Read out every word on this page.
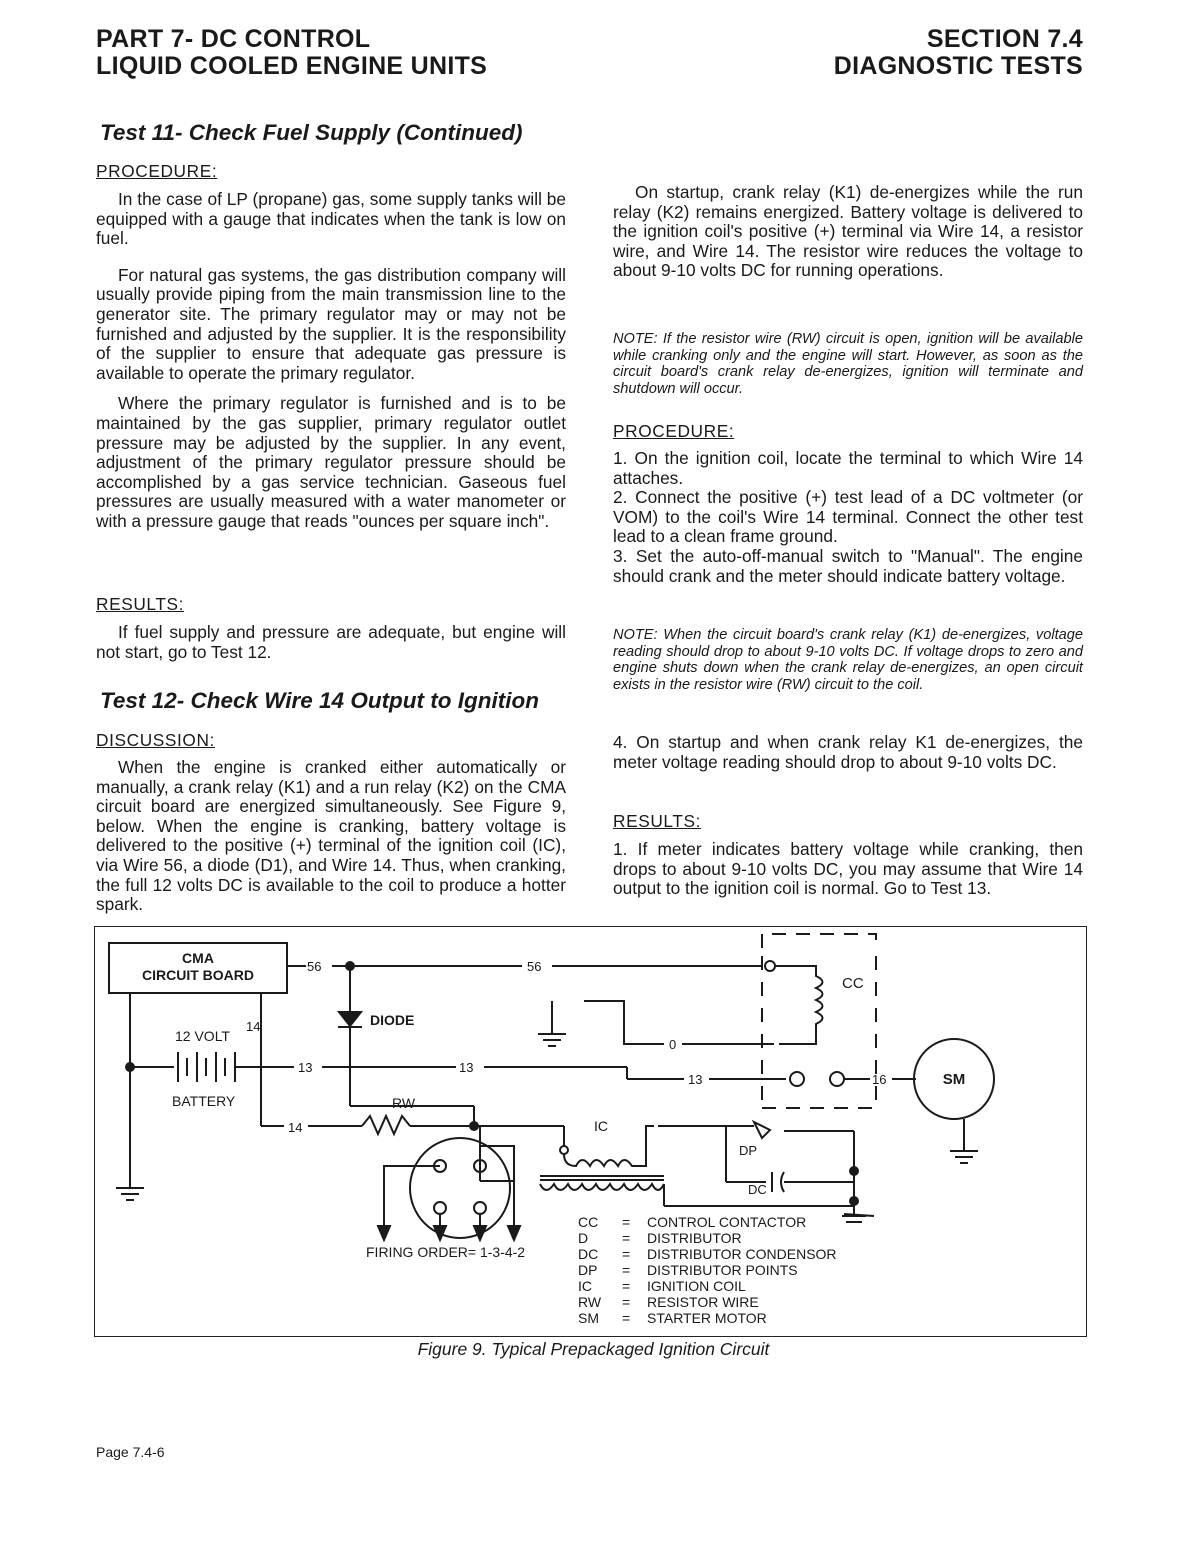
PART 7- DC CONTROL
LIQUID COOLED ENGINE UNITS
SECTION 7.4
DIAGNOSTIC TESTS
Test 11- Check Fuel Supply (Continued)
PROCEDURE:

In the case of LP (propane) gas, some supply tanks will be equipped with a gauge that indicates when the tank is low on fuel.

For natural gas systems, the gas distribution company will usually provide piping from the main transmission line to the generator site. The primary regulator may or may not be furnished and adjusted by the supplier. It is the responsibility of the supplier to ensure that adequate gas pressure is available to operate the primary regulator.

Where the primary regulator is furnished and is to be maintained by the gas supplier, primary regulator outlet pressure may be adjusted by the supplier. In any event, adjustment of the primary regulator pressure should be accomplished by a gas service technician. Gaseous fuel pressures are usually measured with a water manometer or with a pressure gauge that reads "ounces per square inch".

RESULTS:

If fuel supply and pressure are adequate, but engine will not start, go to Test 12.

Test 12- Check Wire 14 Output to Ignition
DISCUSSION:

When the engine is cranked either automatically or manually, a crank relay (K1) and a run relay (K2) on the CMA circuit board are energized simultaneously. See Figure 9, below. When the engine is cranking, battery voltage is delivered to the positive (+) terminal of the ignition coil (IC), via Wire 56, a diode (D1), and Wire 14. Thus, when cranking, the full 12 volts DC is available to the coil to produce a hotter spark.

On startup, crank relay (K1) de-energizes while the run relay (K2) remains energized. Battery voltage is delivered to the ignition coil's positive (+) terminal via Wire 14, a resistor wire, and Wire 14. The resistor wire reduces the voltage to about 9-10 volts DC for running operations.

NOTE: If the resistor wire (RW) circuit is open, ignition will be available while cranking only and the engine will start. However, as soon as the circuit board's crank relay de-energizes, ignition will terminate and shutdown will occur.

PROCEDURE:

1. On the ignition coil, locate the terminal to which Wire 14 attaches.

2. Connect the positive (+) test lead of a DC voltmeter (or VOM) to the coil's Wire 14 terminal. Connect the other test lead to a clean frame ground.

3. Set the auto-off-manual switch to "Manual". The engine should crank and the meter should indicate battery voltage.

NOTE: When the circuit board's crank relay (K1) de-energizes, voltage reading should drop to about 9-10 volts DC. If voltage drops to zero and engine shuts down when the crank relay de-energizes, an open circuit exists in the resistor wire (RW) circuit to the coil.

4. On startup and when crank relay K1 de-energizes, the meter voltage reading should drop to about 9-10 volts DC.

RESULTS:

1. If meter indicates battery voltage while cranking, then drops to about 9-10 volts DC, you may assume that Wire 14 output to the ignition coil is normal. Go to Test 13.

CMA
CIRCUIT BOARD
12 VOLT
14
BATTERY
56	56
DIODE
13	13
13
0
16
14
RW
IC
CC
SM
DP
DC
FIRING ORDER= 1-3-4-2
CC = CONTROL CONTACTOR
D = DISTRIBUTOR
DC = DISTRIBUTOR CONDENSOR
DP = DISTRIBUTOR POINTS
IC = IGNITION COIL
RW = RESISTOR WIRE
SM = STARTER MOTOR
Figure 9. Typical Prepackaged Ignition Circuit
Page 7.4-6
